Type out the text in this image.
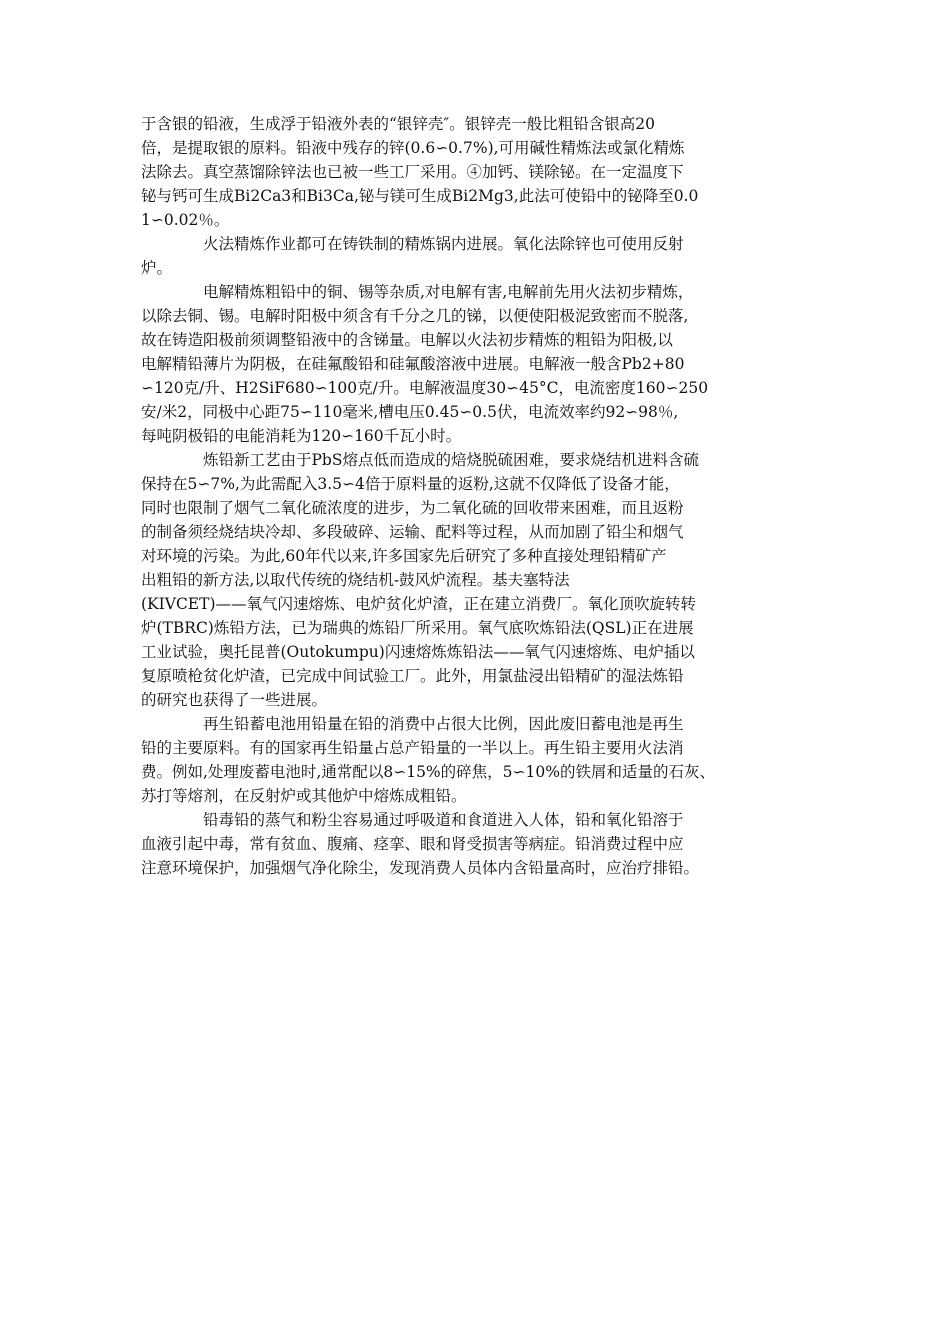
于含银的铅液，生成浮于铅液外表的“银锌壳″。银锌壳一般比粗铅含银高20
倍，是提取银的原料。铅液中残存的锌(0.6∽0.7%),可用碱性精炼法或氯化精炼
法除去。真空蒸馏除锌法也已被一些工厂采用。④加钙、镁除铋。在一定温度下
铋与钙可生成Bi2Ca3和Bi3Ca,铋与镁可生成Bi2Mg3,此法可使铅中的铋降至0.0
1∽0.02％。
火法精炼作业都可在铸铁制的精炼锅内进展。氧化法除锌也可使用反射
炉。
电解精炼粗铅中的铜、锡等杂质,对电解有害,电解前先用火法初步精炼，
以除去铜、锡。电解时阳极中须含有千分之几的锑，以便使阳极泥致密而不脱落,
故在铸造阳极前须调整铅液中的含锑量。电解以火法初步精炼的粗铅为阳极,以
电解精铅薄片为阴极，在硅氟酸铅和硅氟酸溶液中进展。电解液一般含Pb2+80
∽120克/升、H2SiF680∽100克/升。电解液温度30∽45°C，电流密度160∽250
安/米2，同极中心距75∽110毫米,槽电压0.45∽0.5伏，电流效率约92∽98％,
每吨阴极铅的电能消耗为120∽160千瓦小时。
炼铅新工艺由于PbS熔点低而造成的焙烧脱硫困难，要求烧结机进料含硫
保持在5∽7%,为此需配入3.5∽4倍于原料量的返粉,这就不仅降低了设备才能，
同时也限制了烟气二氧化硫浓度的进步，为二氧化硫的回收带来困难，而且返粉
的制备须经烧结块冷却、多段破碎、运输、配料等过程，从而加剧了铅尘和烟气
对环境的污染。为此,60年代以来,许多国家先后研究了多种直接处理铅精矿产
出粗铅的新方法,以取代传统的烧结机-鼓风炉流程。基夫塞特法
(KIVCET)——氧气闪速熔炼、电炉贫化炉渣，正在建立消费厂。氧化顶吹旋转转
炉(TBRC)炼铅方法，已为瑞典的炼铅厂所采用。氧气底吹炼铅法(QSL)正在进展
工业试验，奥托昆普(Outokumpu)闪速熔炼炼铅法——氧气闪速熔炼、电炉插以
复原喷枪贫化炉渣，已完成中间试验工厂。此外，用氯盐浸出铅精矿的湿法炼铅
的研究也获得了一些进展。
再生铅蓄电池用铅量在铅的消费中占很大比例，因此废旧蓄电池是再生
铅的主要原料。有的国家再生铅量占总产铅量的一半以上。再生铅主要用火法消
费。例如,处理废蓄电池时,通常配以8∽15%的碎焦，5∽10%的铁屑和适量的石灰、
苏打等熔剂，在反射炉或其他炉中熔炼成粗铅。
铅毒铅的蒸气和粉尘容易通过呼吸道和食道进入人体，铅和氧化铅溶于
血液引起中毒，常有贫血、腹痛、痉挛、眼和肾受损害等病症。铅消费过程中应
注意环境保护，加强烟气净化除尘，发现消费人员体内含铅量高时，应治疗排铅。
